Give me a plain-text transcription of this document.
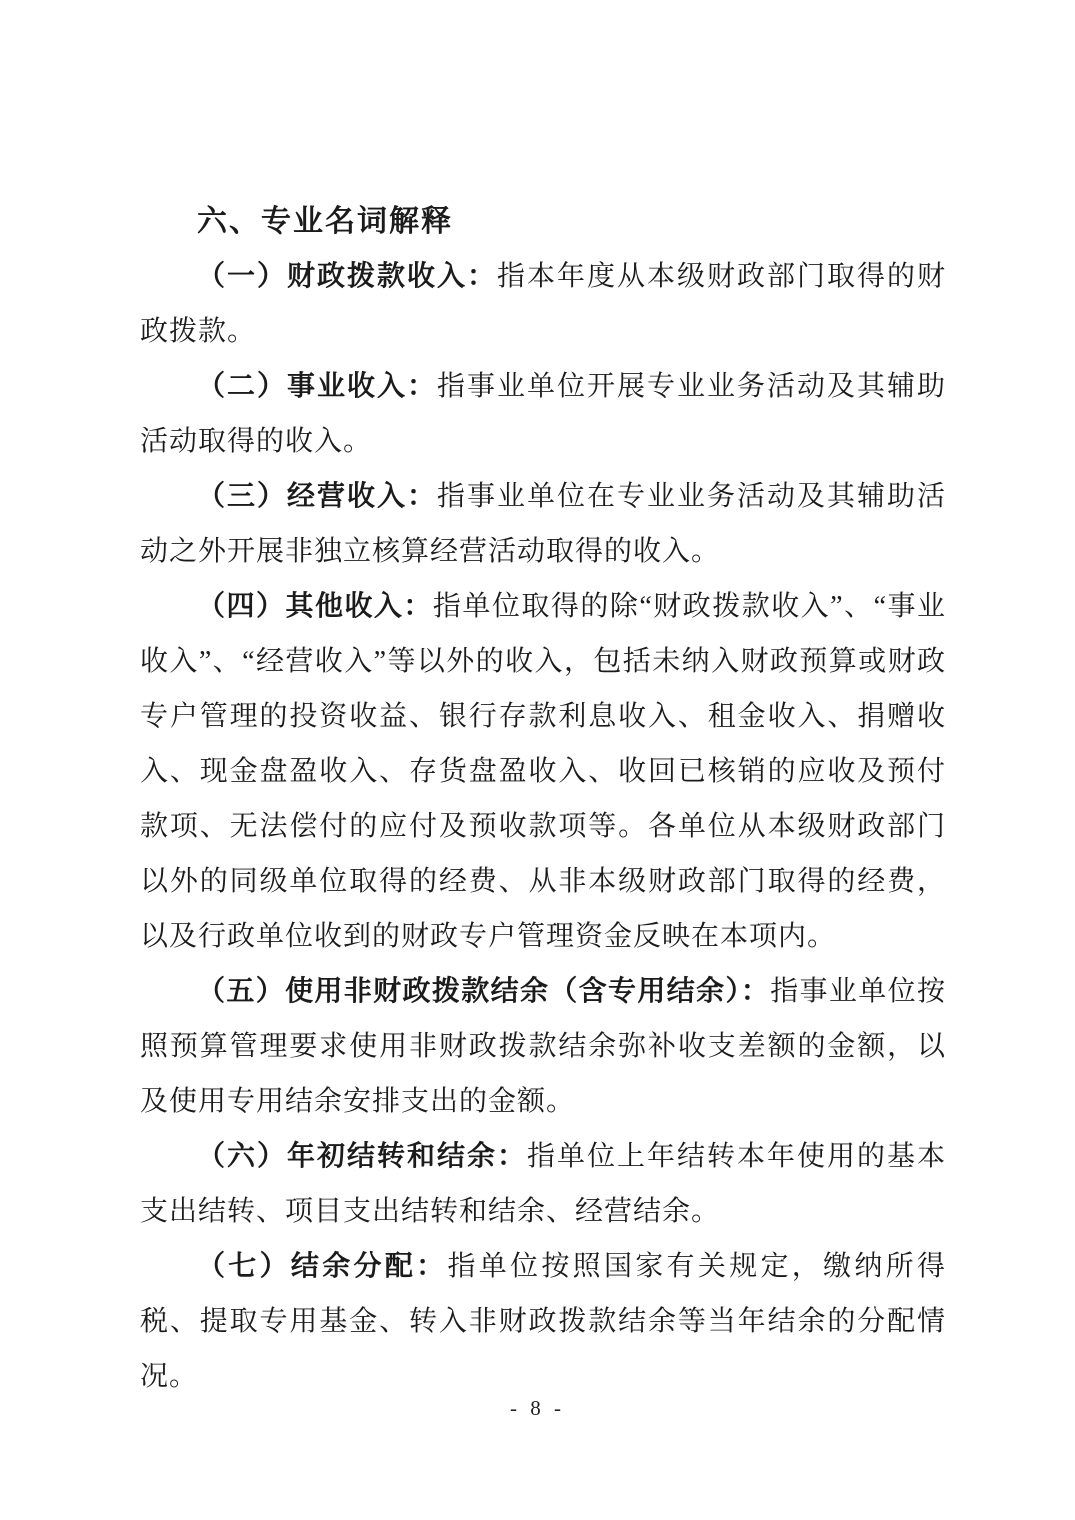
六、专业名词解释

（一）财政拨款收入：指本年度从本级财政部门取得的财政拨款。

（二）事业收入：指事业单位开展专业业务活动及其辅助活动取得的收入。

（三）经营收入：指事业单位在专业业务活动及其辅助活动之外开展非独立核算经营活动取得的收入。

（四）其他收入：指单位取得的除“财政拨款收入”、“事业收入”、“经营收入”等以外的收入，包括未纳入财政预算或财政专户管理的投资收益、银行存款利息收入、租金收入、捐赠收入、现金盘盈收入、存货盘盈收入、收回已核销的应收及预付款项、无法偿付的应付及预收款项等。各单位从本级财政部门以外的同级单位取得的经费、从非本级财政部门取得的经费，以及行政单位收到的财政专户管理资金反映在本项内。

（五）使用非财政拨款结余（含专用结余）：指事业单位按照预算管理要求使用非财政拨款结余弥补收支差额的金额，以及使用专用结余安排支出的金额。

（六）年初结转和结余：指单位上年结转本年使用的基本支出结转、项目支出结转和结余、经营结余。

（七）结余分配：指单位按照国家有关规定，缴纳所得税、提取专用基金、转入非财政拨款结余等当年结余的分配情况。

- 8 -
